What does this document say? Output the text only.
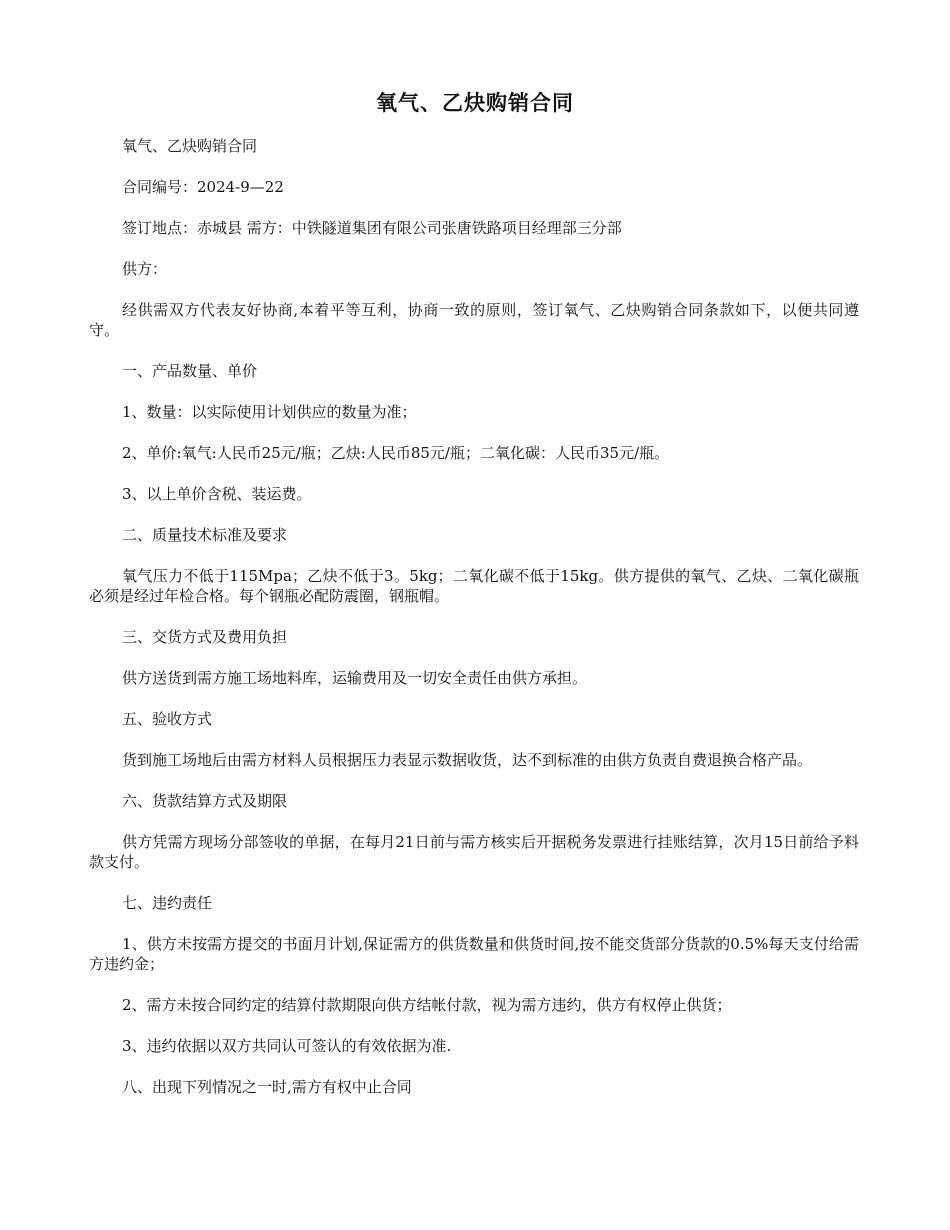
氧气、乙炔购销合同

氧气、乙炔购销合同

合同编号：2024-9—22

签订地点：赤城县 需方：中铁隧道集团有限公司张唐铁路项目经理部三分部

供方：

经供需双方代表友好协商,本着平等互利，协商一致的原则，签订氧气、乙炔购销合同条款如下，以便共同遵守。

一、产品数量、单价

1、数量：以实际使用计划供应的数量为准；

2、单价:氧气:人民币25元/瓶；乙炔:人民币85元/瓶；二氧化碳：人民币35元/瓶。

3、以上单价含税、装运费。

二、质量技术标准及要求

氧气压力不低于115Mpa；乙炔不低于3。5kg；二氧化碳不低于15kg。供方提供的氧气、乙炔、二氧化碳瓶必须是经过年检合格。每个钢瓶必配防震圈，钢瓶帽。

三、交货方式及费用负担

供方送货到需方施工场地料库，运输费用及一切安全责任由供方承担。

五、验收方式

货到施工场地后由需方材料人员根据压力表显示数据收货，达不到标准的由供方负责自费退换合格产品。

六、货款结算方式及期限

供方凭需方现场分部签收的单据，在每月21日前与需方核实后开据税务发票进行挂账结算，次月15日前给予料款支付。

七、违约责任

1、供方未按需方提交的书面月计划,保证需方的供货数量和供货时间,按不能交货部分货款的0.5%每天支付给需方违约金；

2、需方未按合同约定的结算付款期限向供方结帐付款，视为需方违约，供方有权停止供货；

3、违约依据以双方共同认可签认的有效依据为准.

八、出现下列情况之一时,需方有权中止合同
